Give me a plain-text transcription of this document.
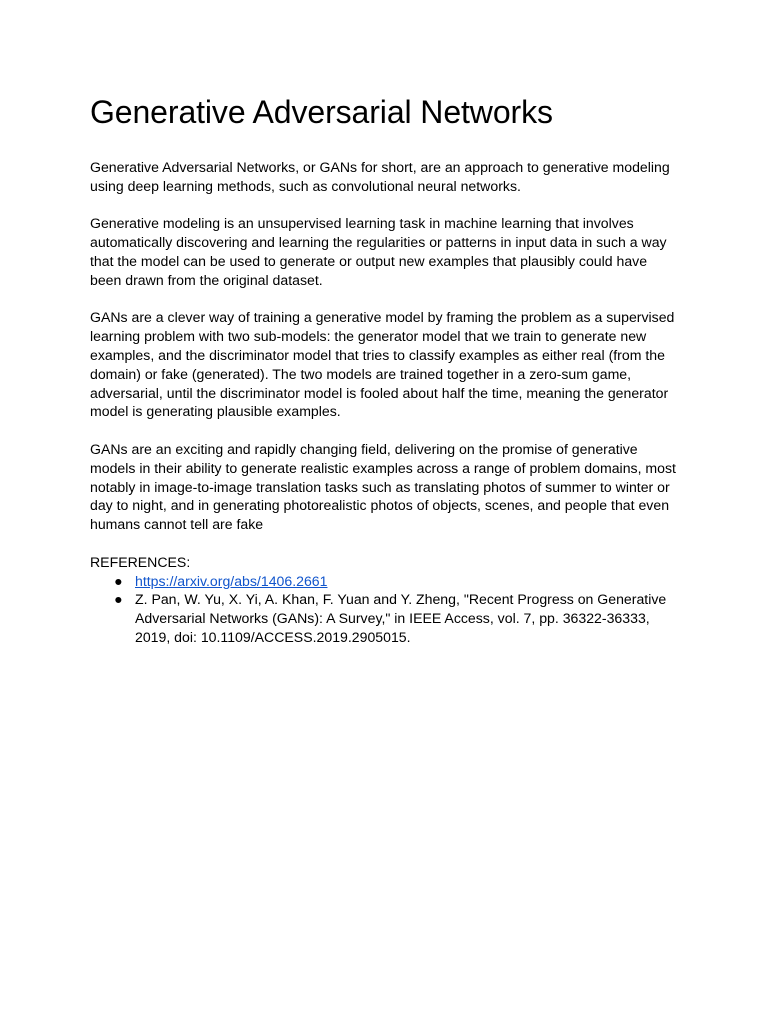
Generative Adversarial Networks

Generative Adversarial Networks, or GANs for short, are an approach to generative modeling using deep learning methods, such as convolutional neural networks.

Generative modeling is an unsupervised learning task in machine learning that involves automatically discovering and learning the regularities or patterns in input data in such a way that the model can be used to generate or output new examples that plausibly could have been drawn from the original dataset.

GANs are a clever way of training a generative model by framing the problem as a supervised learning problem with two sub-models: the generator model that we train to generate new examples, and the discriminator model that tries to classify examples as either real (from the domain) or fake (generated). The two models are trained together in a zero-sum game, adversarial, until the discriminator model is fooled about half the time, meaning the generator model is generating plausible examples.

GANs are an exciting and rapidly changing field, delivering on the promise of generative models in their ability to generate realistic examples across a range of problem domains, most notably in image-to-image translation tasks such as translating photos of summer to winter or day to night, and in generating photorealistic photos of objects, scenes, and people that even humans cannot tell are fake

REFERENCES:

● https://arxiv.org/abs/1406.2661
● Z. Pan, W. Yu, X. Yi, A. Khan, F. Yuan and Y. Zheng, "Recent Progress on Generative Adversarial Networks (GANs): A Survey," in IEEE Access, vol. 7, pp. 36322-36333, 2019, doi: 10.1109/ACCESS.2019.2905015.
